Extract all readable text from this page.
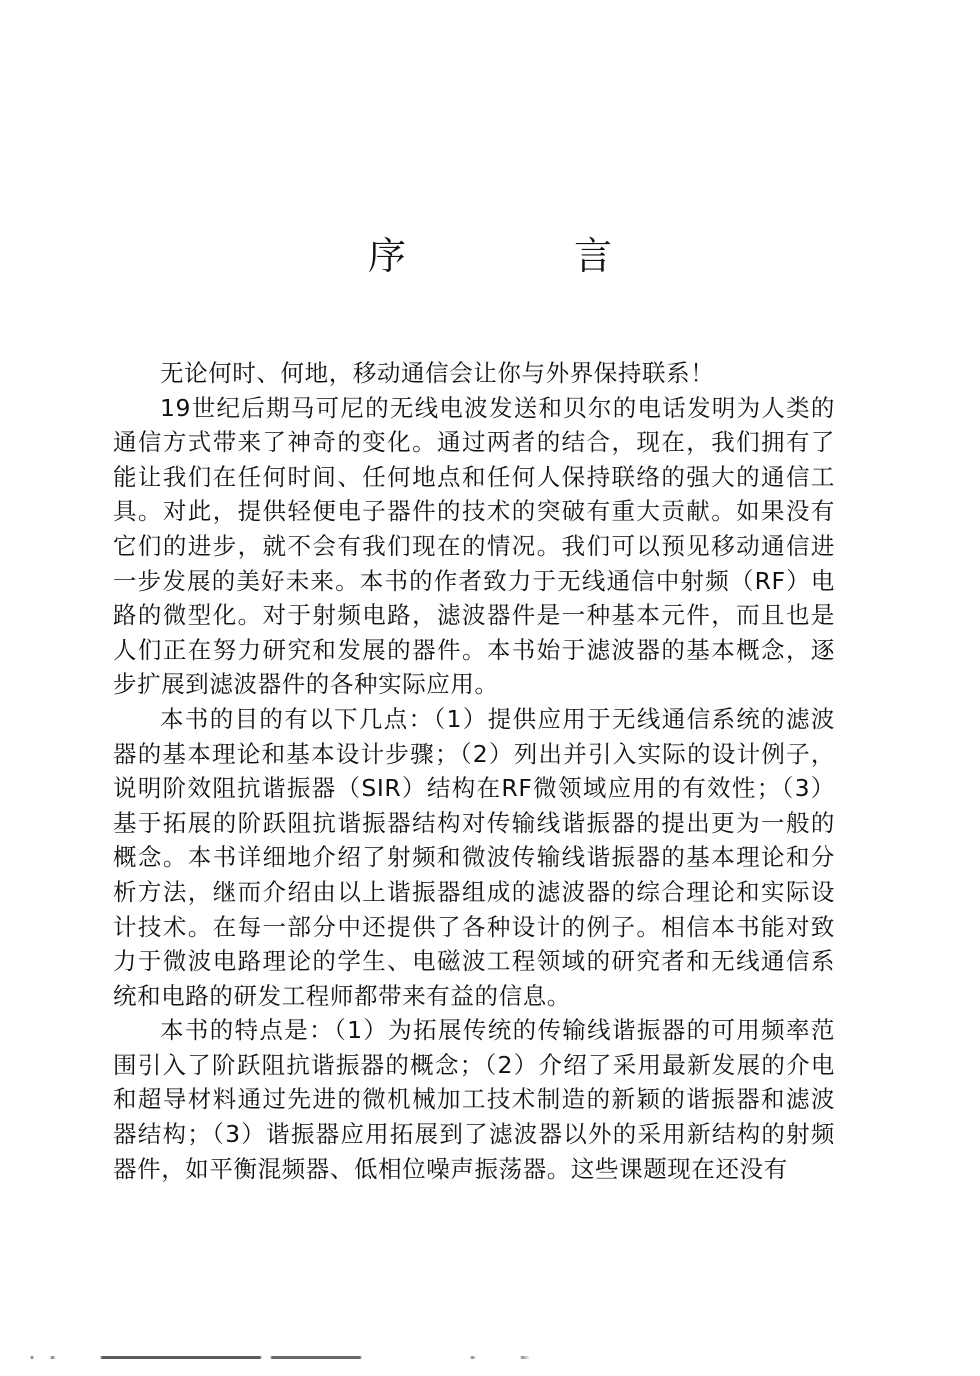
序 言

无论何时、何地，移动通信会让你与外界保持联系！

19世纪后期马可尼的无线电波发送和贝尔的电话发明为人类的通信方式带来了神奇的变化。通过两者的结合，现在，我们拥有了能让我们在任何时间、任何地点和任何人保持联络的强大的通信工具。对此，提供轻便电子器件的技术的突破有重大贡献。如果没有它们的进步，就不会有我们现在的情况。我们可以预见移动通信进一步发展的美好未来。本书的作者致力于无线通信中射频（RF）电路的微型化。对于射频电路，滤波器件是一种基本元件，而且也是人们正在努力研究和发展的器件。本书始于滤波器的基本概念，逐步扩展到滤波器件的各种实际应用。

本书的目的有以下几点：（1）提供应用于无线通信系统的滤波器的基本理论和基本设计步骤；（2）列出并引入实际的设计例子，说明阶效阻抗谐振器（SIR）结构在RF微领域应用的有效性；（3）基于拓展的阶跃阻抗谐振器结构对传输线谐振器的提出更为一般的概念。本书详细地介绍了射频和微波传输线谐振器的基本理论和分析方法，继而介绍由以上谐振器组成的滤波器的综合理论和实际设计技术。在每一部分中还提供了各种设计的例子。相信本书能对致力于微波电路理论的学生、电磁波工程领域的研究者和无线通信系统和电路的研发工程师都带来有益的信息。

本书的特点是：（1）为拓展传统的传输线谐振器的可用频率范围引入了阶跃阻抗谐振器的概念；（2）介绍了采用最新发展的介电和超导材料通过先进的微机械加工技术制造的新颖的谐振器和滤波器结构；（3）谐振器应用拓展到了滤波器以外的采用新结构的射频器件，如平衡混频器、低相位噪声振荡器。这些课题现在还没有
